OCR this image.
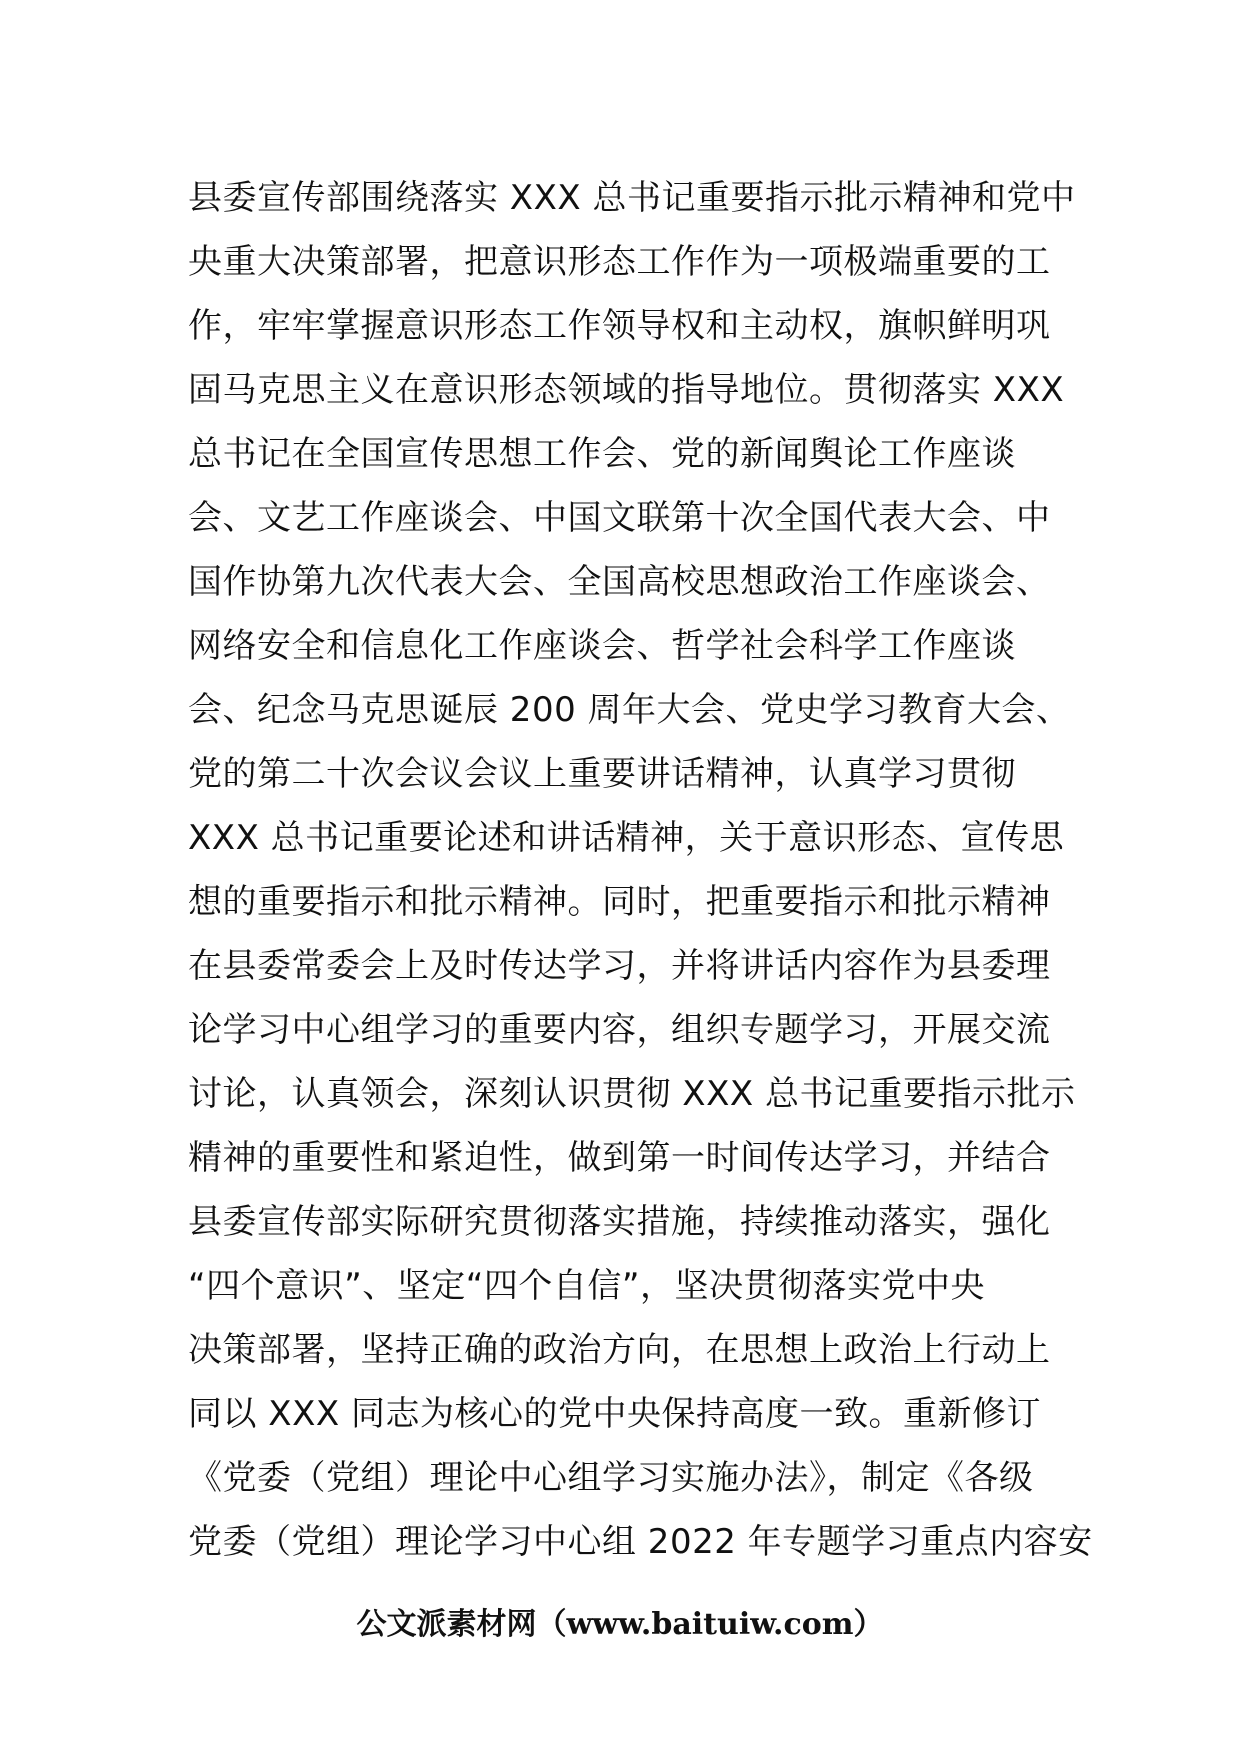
县委宣传部围绕落实 XXX 总书记重要指示批示精神和党中
央重大决策部署，把意识形态工作作为一项极端重要的工
作，牢牢掌握意识形态工作领导权和主动权，旗帜鲜明巩
固马克思主义在意识形态领域的指导地位。贯彻落实 XXX
总书记在全国宣传思想工作会、党的新闻舆论工作座谈
会、文艺工作座谈会、中国文联第十次全国代表大会、中
国作协第九次代表大会、全国高校思想政治工作座谈会、
网络安全和信息化工作座谈会、哲学社会科学工作座谈
会、纪念马克思诞辰 200 周年大会、党史学习教育大会、
党的第二十次会议会议上重要讲话精神，认真学习贯彻
XXX 总书记重要论述和讲话精神，关于意识形态、宣传思
想的重要指示和批示精神。同时，把重要指示和批示精神
在县委常委会上及时传达学习，并将讲话内容作为县委理
论学习中心组学习的重要内容，组织专题学习，开展交流
讨论，认真领会，深刻认识贯彻 XXX 总书记重要指示批示
精神的重要性和紧迫性，做到第一时间传达学习，并结合
县委宣传部实际研究贯彻落实措施，持续推动落实，强化
“四个意识”、坚定“四个自信”，坚决贯彻落实党中央
决策部署，坚持正确的政治方向，在思想上政治上行动上
同以 XXX 同志为核心的党中央保持高度一致。重新修订
《党委（党组）理论中心组学习实施办法》，制定《各级
党委（党组）理论学习中心组 2022 年专题学习重点内容安
公文派素材网（www.baituiw.com）
